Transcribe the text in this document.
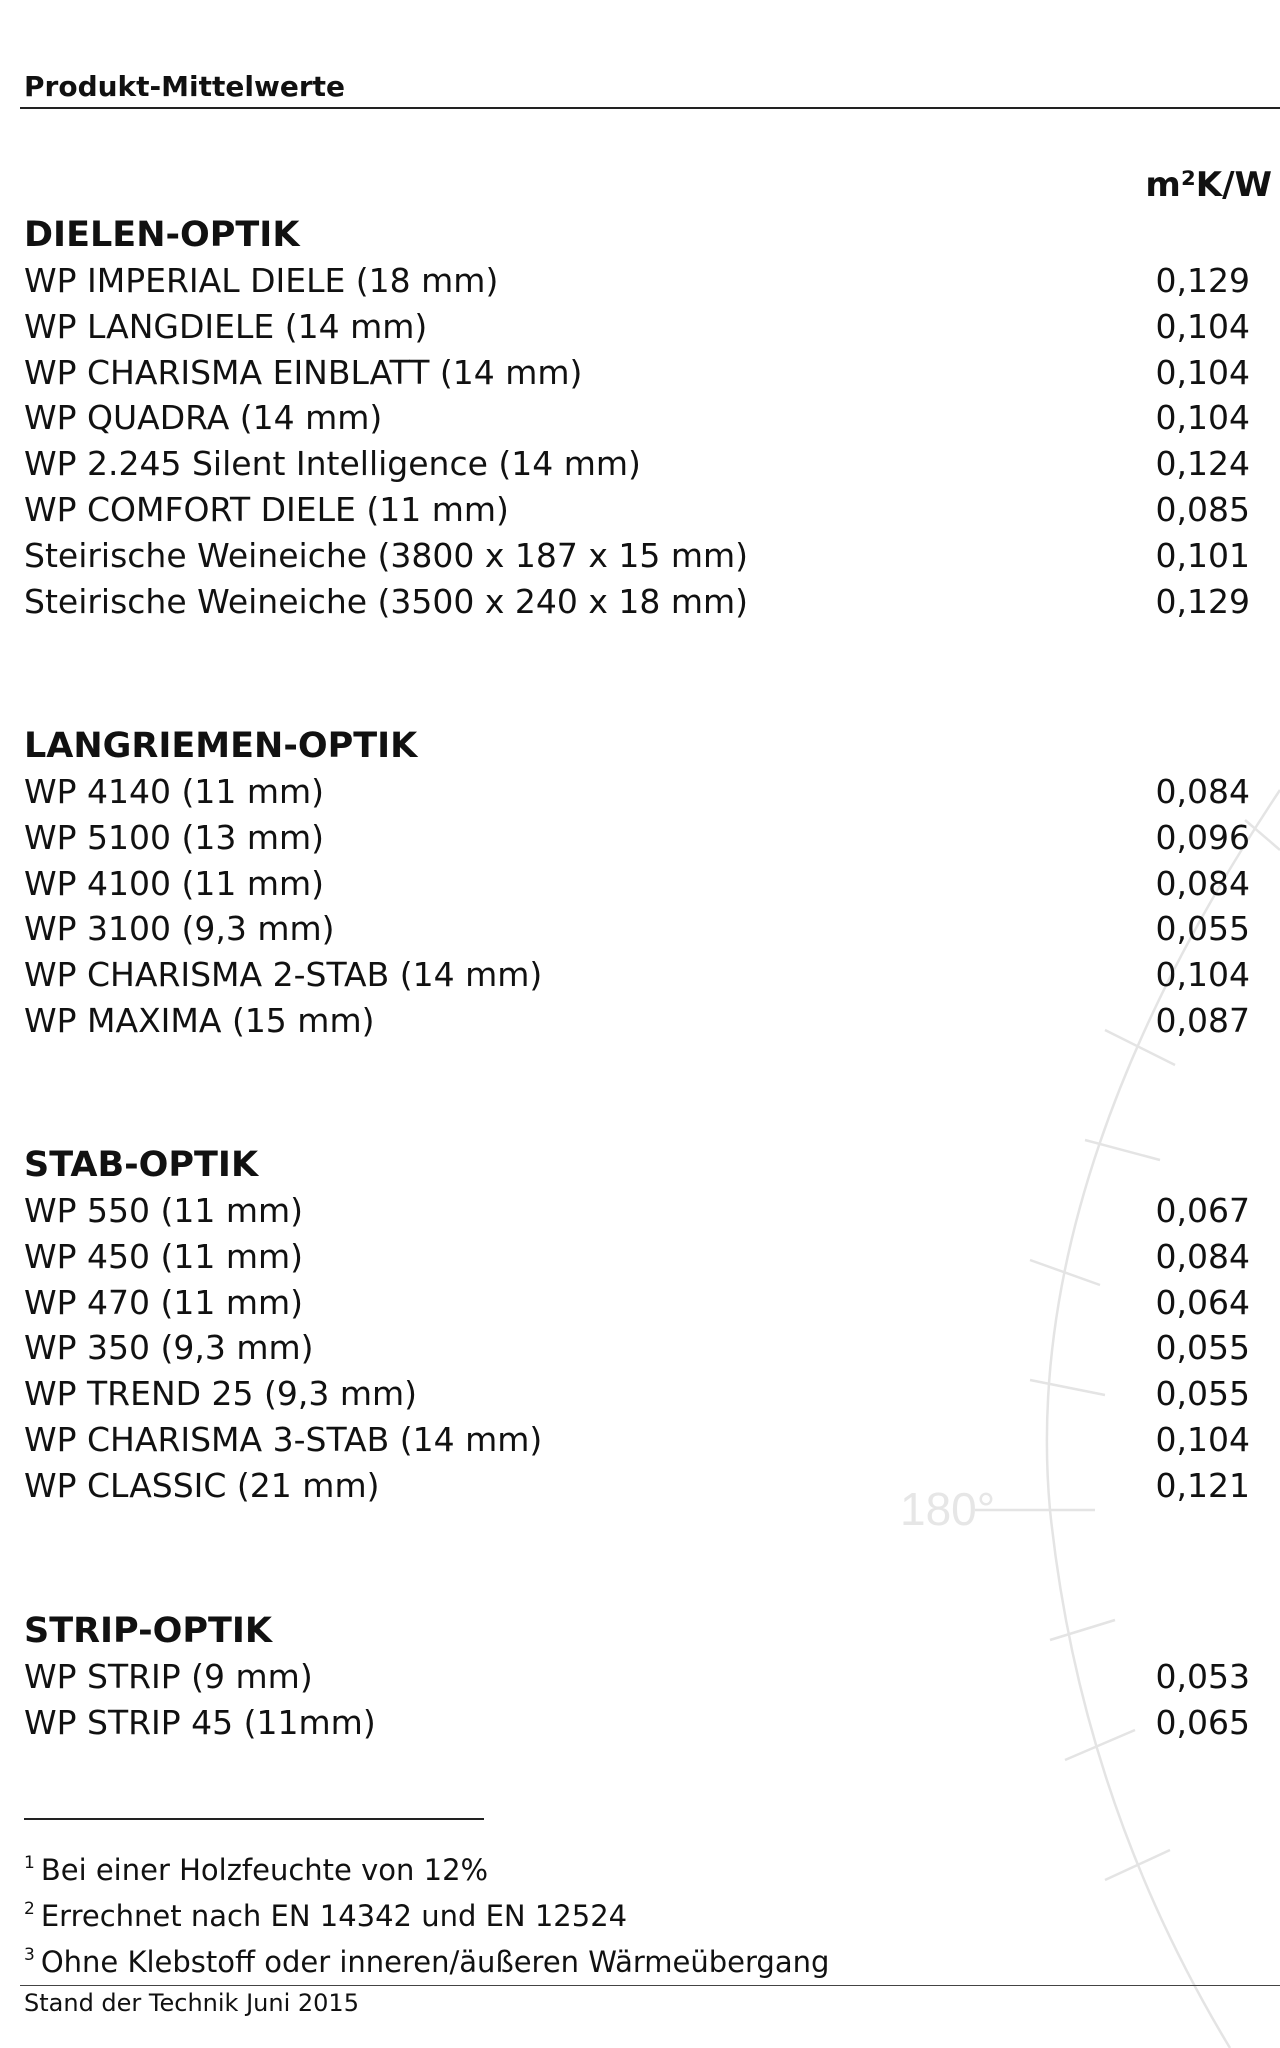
180°
Produkt-Mittelwerte
m²K/W
DIELEN-OPTIK
WP IMPERIAL DIELE (18 mm)	0,129
WP LANGDIELE (14 mm)	0,104
WP CHARISMA EINBLATT (14 mm)	0,104
WP QUADRA (14 mm)	0,104
WP 2.245 Silent Intelligence (14 mm)	0,124
WP COMFORT DIELE (11 mm)	0,085
Steirische Weineiche (3800 x 187 x 15 mm)	0,101
Steirische Weineiche (3500 x 240 x 18 mm)	0,129
LANGRIEMEN-OPTIK
WP 4140 (11 mm)	0,084
WP 5100 (13 mm)	0,096
WP 4100 (11 mm)	0,084
WP 3100 (9,3 mm)	0,055
WP CHARISMA 2-STAB (14 mm)	0,104
WP MAXIMA (15 mm)	0,087
STAB-OPTIK
WP 550 (11 mm)	0,067
WP 450 (11 mm)	0,084
WP 470 (11 mm)	0,064
WP 350 (9,3 mm)	0,055
WP TREND 25 (9,3 mm)	0,055
WP CHARISMA 3-STAB (14 mm)	0,104
WP CLASSIC (21 mm)	0,121
STRIP-OPTIK
WP STRIP (9 mm)	0,053
WP STRIP 45 (11mm)	0,065
$^1$ Bei einer Holzfeuchte von 12%
$^2$ Errechnet nach EN 14342 und EN 12524
$^3$ Ohne Klebstoff oder inneren/äußeren Wärmeübergang
Stand der Technik Juni 2015
